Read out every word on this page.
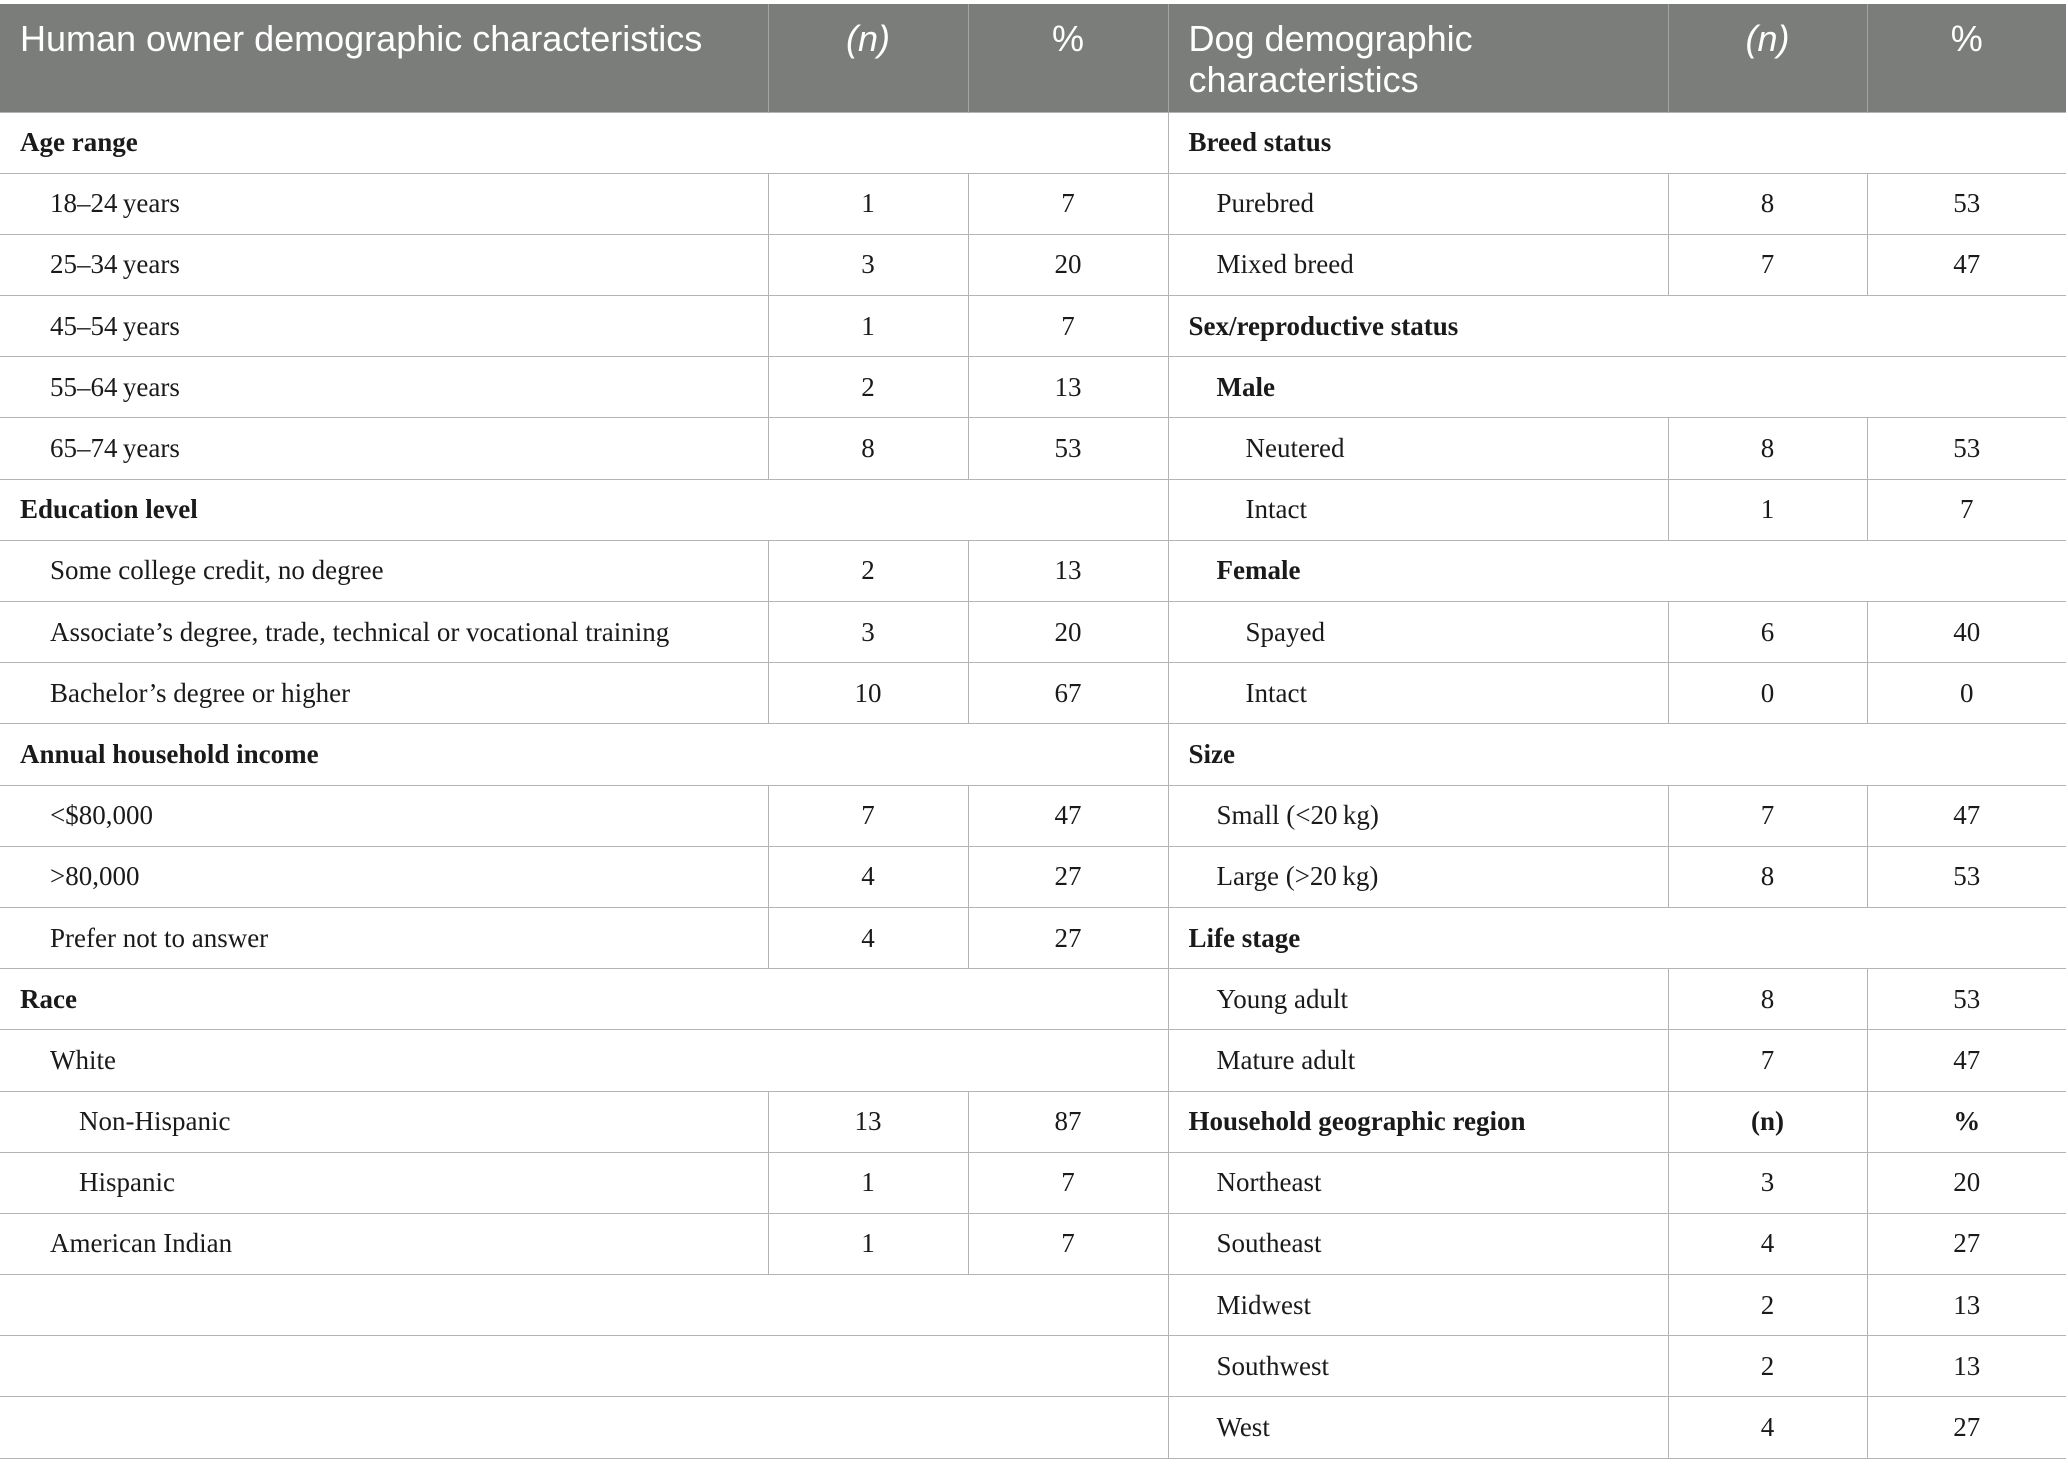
Human owner demographic characteristics	(n)	%	Dog demographic characteristics	(n)	%
Age range			Breed status		
18–24 years	1	7	Purebred	8	53
25–34 years	3	20	Mixed breed	7	47
45–54 years	1	7	Sex/reproductive status		
55–64 years	2	13	Male		
65–74 years	8	53	Neutered	8	53
Education level			Intact	1	7
Some college credit, no degree	2	13	Female		
Associate’s degree, trade, technical or vocational training	3	20	Spayed	6	40
Bachelor’s degree or higher	10	67	Intact	0	0
Annual household income			Size		
<$80,000	7	47	Small (<20 kg)	7	47
>80,000	4	27	Large (>20 kg)	8	53
Prefer not to answer	4	27	Life stage		
Race			Young adult	8	53
White			Mature adult	7	47
Non-Hispanic	13	87	Household geographic region	(n)	%
Hispanic	1	7	Northeast	3	20
American Indian	1	7	Southeast	4	27
			Midwest	2	13
			Southwest	2	13
			West	4	27
